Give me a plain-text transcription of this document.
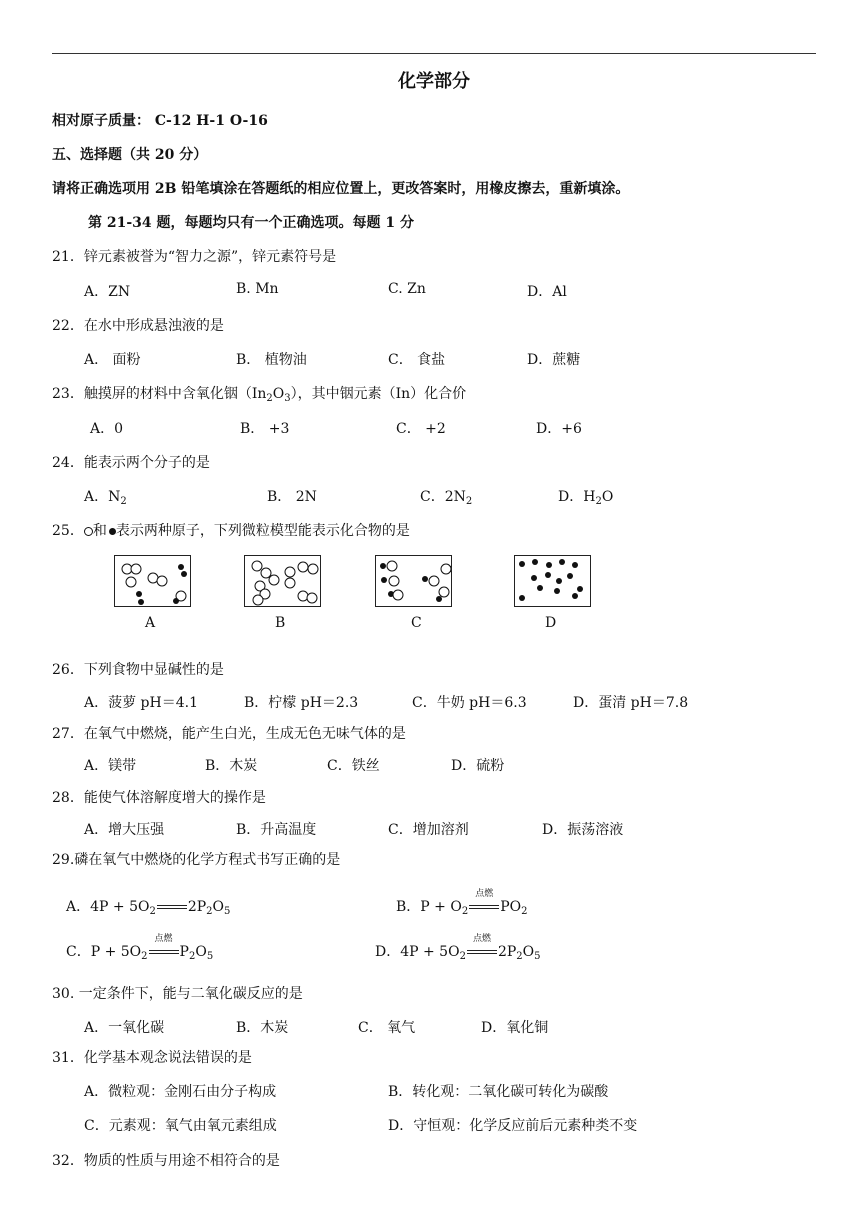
化学部分
相对原子质量： C-12 H-1 O-16
五、选择题（共 20 分）
请将正确选项用 2B 铅笔填涂在答题纸的相应位置上，更改答案时，用橡皮擦去，重新填涂。
第 21-34 题，每题均只有一个正确选项。每题 1 分
21．锌元素被誉为“智力之源”，锌元素符号是
A．ZN	B. Mn	C. Zn	D．Al
22．在水中形成悬浊液的是
A． 面粉	B． 植物油	C． 食盐	D．蔗糖
23．触摸屏的材料中含氧化铟$(In_2O_3)$，其中铟元素（In）化合价
A．0	B． +3	C． +2	D．+6
24．能表示两个分子的是
A．$N_2$	B． 2N	C．$2N_2$	D．$H_2O$
25． 和 表示两种原子，下列微粒模型能表示化合物的是
A	B	C	D
26．下列食物中显碱性的是
A．菠萝 pH＝4.1	B．柠檬 pH＝2.3	C．牛奶 pH＝6.3	D．蛋清 pH＝7.8
27．在氧气中燃烧，能产生白光，生成无色无味气体的是
A．镁带	B．木炭	C．铁丝	D．硫粉
28．能使气体溶解度增大的操作是
A．增大压强	B．升高温度	C．增加溶剂	D．振荡溶液
29.磷在氧气中燃烧的化学方程式书写正确的是
A．$4P + 5O_2$ $2P_2O_5$	B．$P + O_2$
点燃
$PO_2$
C．$P + 5O_2$
点燃
$P_2O_5$	D．$4P + 5O_2$
点燃
$2P_2O_5$
30. 一定条件下，能与二氧化碳反应的是
A．一氧化碳	B．木炭	C． 氧气	D．氧化铜
31．化学基本观念说法错误的是
A．微粒观：金刚石由分子构成	B．转化观：二氧化碳可转化为碳酸
C．元素观：氧气由氧元素组成	D．守恒观：化学反应前后元素种类不变
32．物质的性质与用途不相符合的是
